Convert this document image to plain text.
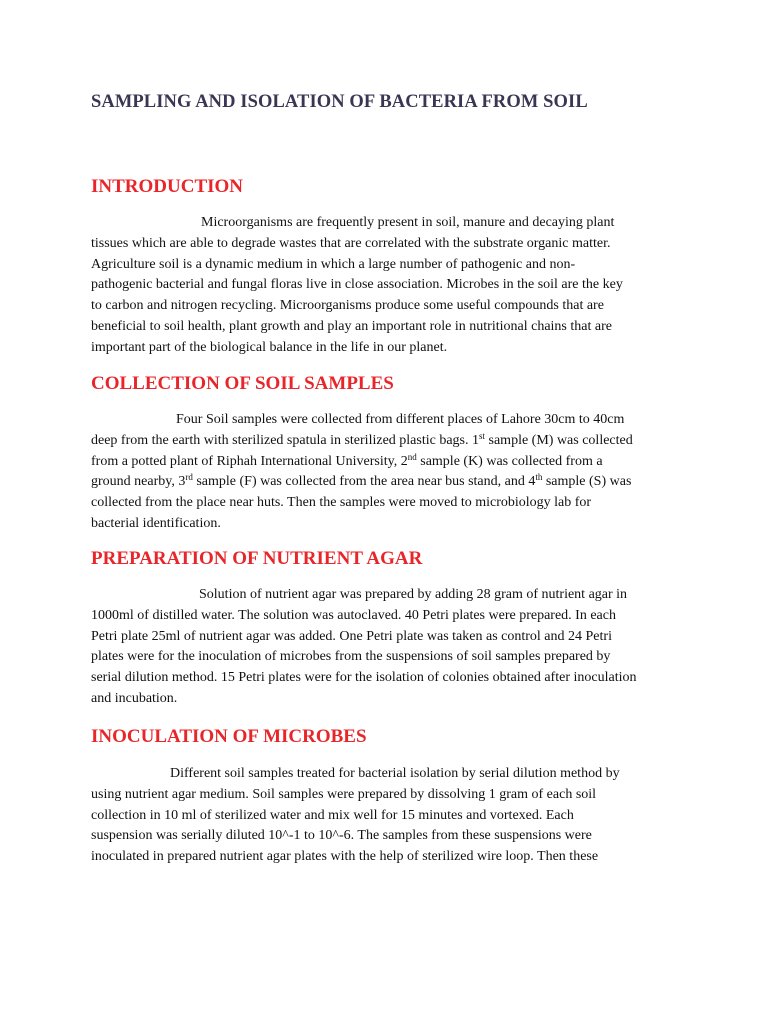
SAMPLING AND ISOLATION OF BACTERIA FROM SOIL
INTRODUCTION
Microorganisms are frequently present in soil, manure and decaying plant
tissues which are able to degrade wastes that are correlated with the substrate organic matter.
Agriculture soil is a dynamic medium in which a large number of pathogenic and non-
pathogenic bacterial and fungal floras live in close association. Microbes in the soil are the key
to carbon and nitrogen recycling. Microorganisms produce some useful compounds that are
beneficial to soil health, plant growth and play an important role in nutritional chains that are
important part of the biological balance in the life in our planet.
COLLECTION OF SOIL SAMPLES
Four Soil samples were collected from different places of Lahore 30cm to 40cm
deep from the earth with sterilized spatula in sterilized plastic bags. 1st sample (M) was collected
from a potted plant of Riphah International University, 2nd sample (K) was collected from a
ground nearby, 3rd sample (F) was collected from the area near bus stand, and 4th sample (S) was
collected from the place near huts. Then the samples were moved to microbiology lab for
bacterial identification.
PREPARATION OF NUTRIENT AGAR
Solution of nutrient agar was prepared by adding 28 gram of nutrient agar in
1000ml of distilled water. The solution was autoclaved. 40 Petri plates were prepared. In each
Petri plate 25ml of nutrient agar was added. One Petri plate was taken as control and 24 Petri
plates were for the inoculation of microbes from the suspensions of soil samples prepared by
serial dilution method. 15 Petri plates were for the isolation of colonies obtained after inoculation
and incubation.
INOCULATION OF MICROBES
Different soil samples treated for bacterial isolation by serial dilution method by
using nutrient agar medium. Soil samples were prepared by dissolving 1 gram of each soil
collection in 10 ml of sterilized water and mix well for 15 minutes and vortexed. Each
suspension was serially diluted 10^-1 to 10^-6. The samples from these suspensions were
inoculated in prepared nutrient agar plates with the help of sterilized wire loop. Then these
